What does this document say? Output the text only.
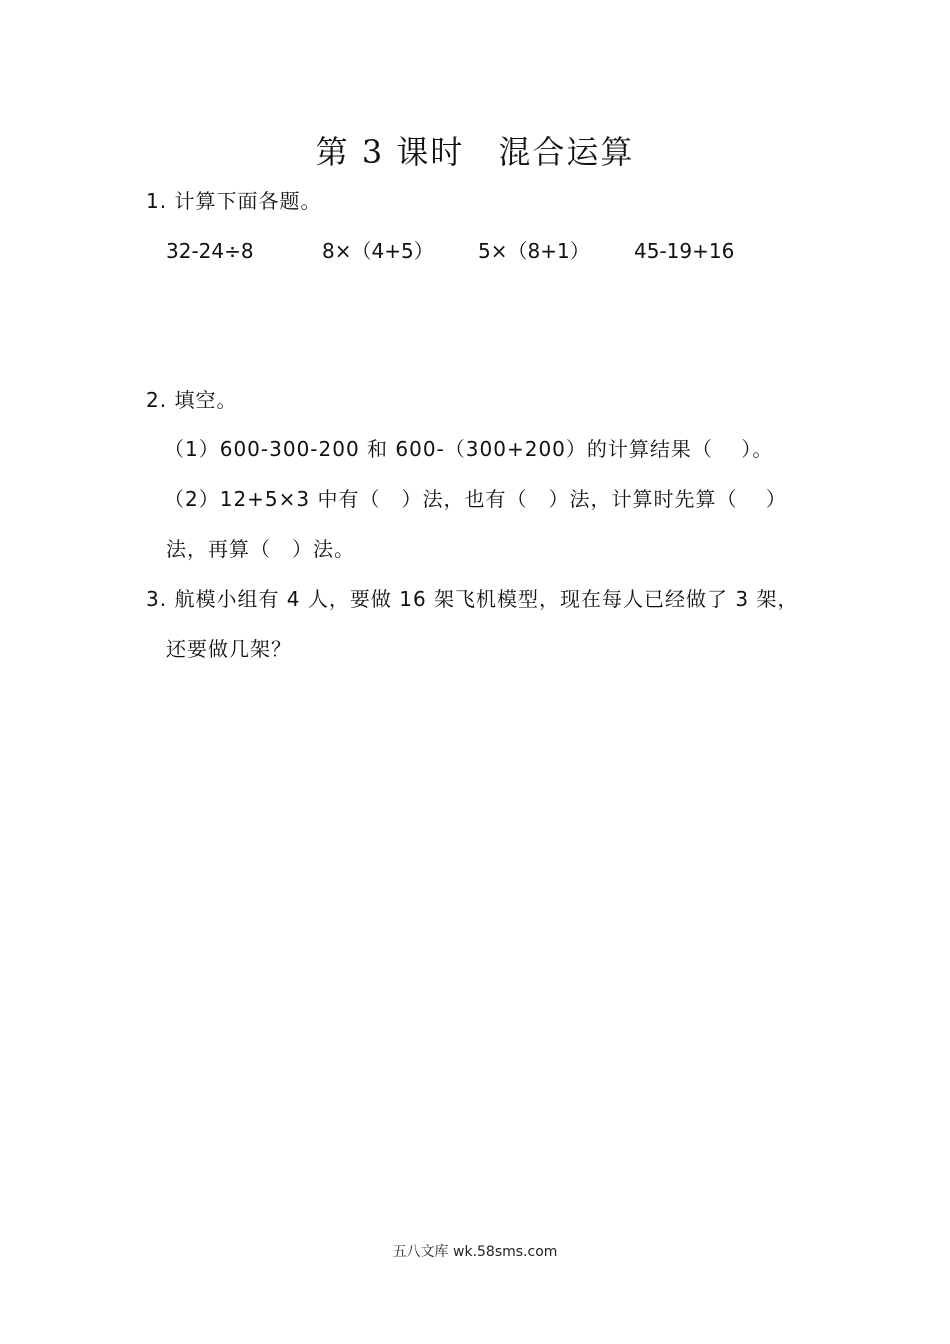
第 3 课时　混合运算
1. 计算下面各题。
32-24÷8	8×（4+5） 5×（8+1） 45-19+16
2. 填空。
（1）600-300-200 和 600-（300+200）的计算结果（　 ）。
（2）12+5×3 中有（　）法，也有（　）法，计算时先算（　 ）
法，再算（　）法。
3. 航模小组有 4 人，要做 16 架飞机模型，现在每人已经做了 3 架，
还要做几架？
五八文库 wk.58sms.com
